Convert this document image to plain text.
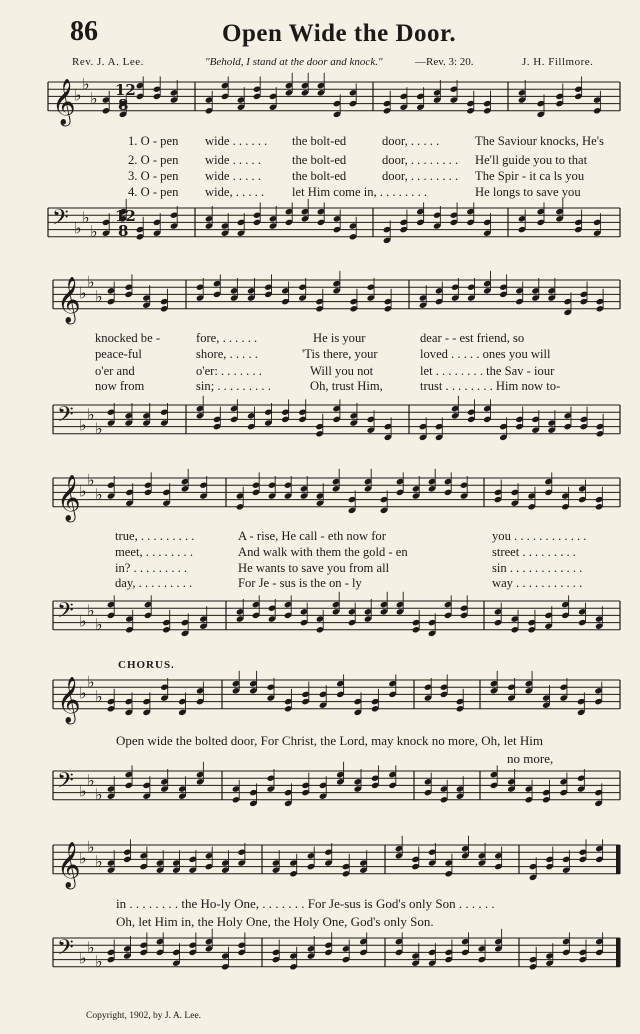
86	Open Wide the Door.
Rev. J. A. Lee.	"Behold, I stand at the door and knock."	—Rev. 3: 20.	J. H. Fillmore.
𝄞
♭
♭
♭ 12
8
𝄢 ♭
♭
♭
12
8
1. O - pen wide . . . . . . the bolt-ed	door, . . . . .	The Saviour knocks, He's
2. O - pen wide . . . . . the bolt-ed	door, . . . . . . . . He'll guide you to that
3. O - pen wide . . . . . the bolt-ed	door, . . . . . . . . The Spir - it ca ls you
4. O - pen wide, . . . . . let Him come in, . . . . . . . .	He longs to save you
𝄞
♭
♭
♭
𝄢 ♭
♭
♭
knocked be -	fore, . . . . . .	He is your	dear - - est friend, so
peace-ful	shore, . . . . .	'Tis there, your	loved . . . . . ones you will
o'er and	o'er: . . . . . . .	Will you not	let . . . . . . . . the Sav - iour
now from	sin; . . . . . . . . .	Oh, trust Him,	trust . . . . . . . . Him now to-
𝄞
♭
♭
♭
𝄢 ♭
♭
♭
true, . . . . . . . . .	A - rise, He call - eth now for	you . . . . . . . . . . . .
meet, . . . . . . . .	And walk with them the gold - en	street . . . . . . . . .
in? . . . . . . . . .	He wants to save you from all	sin . . . . . . . . . . . .
day, . . . . . . . . .	For Je - sus is the on - ly	way . . . . . . . . . . .
CHORUS.
𝄞
♭
♭
♭
𝄢 ♭
♭
♭
Open wide the bolted door, For Christ, the Lord, may knock no more, Oh, let Him
no more,
𝄞
♭
♭
♭
𝄢 ♭
♭
♭
in . . . . . . . . the Ho-ly One, . . . . . . . For Je-sus is God's only Son . . . . . .
Oh, let Him in, the Holy One, the Holy One, God's only Son.
Copyright, 1902, by J. A. Lee.
